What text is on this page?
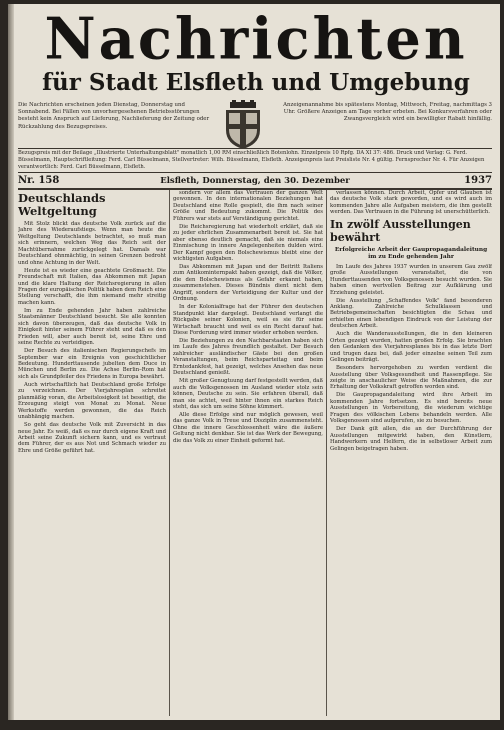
Nachrichten
für Stadt Elsfleth und Umgebung
Die Nachrichten erscheinen jeden Dienstag, Donnerstag und Sonnabend. Bei Fällen von unvorhergesehenen Betriebsstörungen besteht kein Anspruch auf Lieferung, Nachlieferung der Zeitung oder Rückzahlung des Bezugspreises.
Anzeigenannahme bis spätestens Montag, Mittwoch, Freitag, nachmittags 3 Uhr. Größere Anzeigen am Tage vorher erbeten. Bei Konkursverfahren oder Zwangsvergleich wird ein bewilligter Rabatt hinfällig.
Bezugspreis mit der Beilage „Illustrierte Unterhaltungsblatt" monatlich 1,00 RM einschließlich Botenlohn. Einzelpreis 10 Rpfg. DA XI 37: 486. Druck und Verlag: G. Ferd. Büsselmann, Hauptschriftleitung: Ferd. Carl Büsselmann, Stellvertreter: Wilh. Büsselmann, Elsfleth. Anzeigenpreis laut Preisliste Nr. 4 gültig. Fernsprecher Nr. 4. Für Anzeigen verantwortlich: Ferd. Carl Büsselmann, Elsfleth.
Nr. 158	Elsfleth, Donnerstag, den 30. Dezember	1937
Deutschlands Weltgeltung

Mit Stolz blickt das deutsche Volk zurück auf die Jahre des Wiederaufstiegs. Wenn man heute die Weltgeltung Deutschlands betrachtet, so muß man sich erinnern, welchen Weg das Reich seit der Machtübernahme zurückgelegt hat. Damals war Deutschland ohnmächtig, in seinen Grenzen bedroht und ohne Achtung in der Welt.

Heute ist es wieder eine geachtete Großmacht. Die Freundschaft mit Italien, das Abkommen mit Japan und die klare Haltung der Reichsregierung in allen Fragen der europäischen Politik haben dem Reich eine Stellung verschafft, die ihm niemand mehr streitig machen kann.

Im zu Ende gehenden Jahr haben zahlreiche Staatsmänner Deutschland besucht. Sie alle konnten sich davon überzeugen, daß das deutsche Volk in Einigkeit hinter seinem Führer steht und daß es den Frieden will, aber auch bereit ist, seine Ehre und seine Rechte zu verteidigen.

Der Besuch des italienischen Regierungschefs im September war ein Ereignis von geschichtlicher Bedeutung. Hunderttausende jubelten dem Duce in München und Berlin zu. Die Achse Berlin–Rom hat sich als Grundpfeiler des Friedens in Europa bewährt.

Auch wirtschaftlich hat Deutschland große Erfolge zu verzeichnen. Der Vierjahresplan schreitet planmäßig voran, die Arbeitslosigkeit ist beseitigt, die Erzeugung steigt von Monat zu Monat. Neue Werkstoffe werden gewonnen, die das Reich unabhängig machen.

So geht das deutsche Volk mit Zuversicht in das neue Jahr. Es weiß, daß es nur durch eigene Kraft und Arbeit seine Zukunft sichern kann, und es vertraut dem Führer, der es aus Not und Schmach wieder zu Ehre und Größe geführt hat.

sondern vor allem das Vertrauen der ganzen Welt gewonnen. In den internationalen Beziehungen hat Deutschland eine Rolle gespielt, die ihm nach seiner Größe und Bedeutung zukommt. Die Politik des Führers war stets auf Verständigung gerichtet.

Die Reichsregierung hat wiederholt erklärt, daß sie zu jeder ehrlichen Zusammenarbeit bereit ist. Sie hat aber ebenso deutlich gemacht, daß sie niemals eine Einmischung in innere Angelegenheiten dulden wird. Der Kampf gegen den Bolschewismus bleibt eine der wichtigsten Aufgaben.

Das Abkommen mit Japan und der Beitritt Italiens zum Antikominternpakt haben gezeigt, daß die Völker, die den Bolschewismus als Gefahr erkannt haben, zusammenstehen. Dieses Bündnis dient nicht dem Angriff, sondern der Verteidigung der Kultur und der Ordnung.

In der Kolonialfrage hat der Führer den deutschen Standpunkt klar dargelegt. Deutschland verlangt die Rückgabe seiner Kolonien, weil es sie für seine Wirtschaft braucht und weil es ein Recht darauf hat. Diese Forderung wird immer wieder erhoben werden.

Die Beziehungen zu den Nachbarstaaten haben sich im Laufe des Jahres freundlich gestaltet. Der Besuch zahlreicher ausländischer Gäste bei den großen Veranstaltungen, beim Reichsparteitag und beim Erntedankfest, hat gezeigt, welches Ansehen das neue Deutschland genießt.

Mit großer Genugtuung darf festgestellt werden, daß auch die Volksgenossen im Ausland wieder stolz sein können, Deutsche zu sein. Sie erfahren überall, daß man sie achtet, weil hinter ihnen ein starkes Reich steht, das sich um seine Söhne kümmert.

Alle diese Erfolge sind nur möglich gewesen, weil das ganze Volk in Treue und Disziplin zusammensteht. Ohne die innere Geschlossenheit wäre die äußere Geltung nicht denkbar. Sie ist das Werk der Bewegung, die das Volk zu einer Einheit geformt hat.

verlassen können. Durch Arbeit, Opfer und Glauben ist das deutsche Volk stark geworden, und es wird auch im kommenden Jahre alle Aufgaben meistern, die ihm gestellt werden. Das Vertrauen in die Führung ist unerschütterlich.

In zwölf Ausstellungen bewährt
Erfolgreiche Arbeit der Gaupropagandaleitung im zu Ende gehenden Jahr

Im Laufe des Jahres 1937 wurden in unserem Gau zwölf große Ausstellungen veranstaltet, die von Hunderttausenden von Volksgenossen besucht wurden. Sie haben einen wertvollen Beitrag zur Aufklärung und Erziehung geleistet.

Die Ausstellung „Schaffendes Volk" fand besonderen Anklang. Zahlreiche Schulklassen und Betriebsgemeinschaften besichtigten die Schau und erhielten einen lebendigen Eindruck von der Leistung der deutschen Arbeit.

Auch die Wanderausstellungen, die in den kleineren Orten gezeigt wurden, hatten großen Erfolg. Sie brachten den Gedanken des Vierjahresplanes bis in das letzte Dorf und trugen dazu bei, daß jeder einzelne seinen Teil zum Gelingen beiträgt.

Besonders hervorgehoben zu werden verdient die Ausstellung über Volksgesundheit und Rassenpflege. Sie zeigte in anschaulicher Weise die Maßnahmen, die zur Erhaltung der Volkskraft getroffen worden sind.

Die Gaupropagandaleitung wird ihre Arbeit im kommenden Jahre fortsetzen. Es sind bereits neue Ausstellungen in Vorbereitung, die wiederum wichtige Fragen des völkischen Lebens behandeln werden. Alle Volksgenossen sind aufgerufen, sie zu besuchen.

Der Dank gilt allen, die an der Durchführung der Ausstellungen mitgewirkt haben, den Künstlern, Handwerkern und Helfern, die in selbstloser Arbeit zum Gelingen beigetragen haben.
